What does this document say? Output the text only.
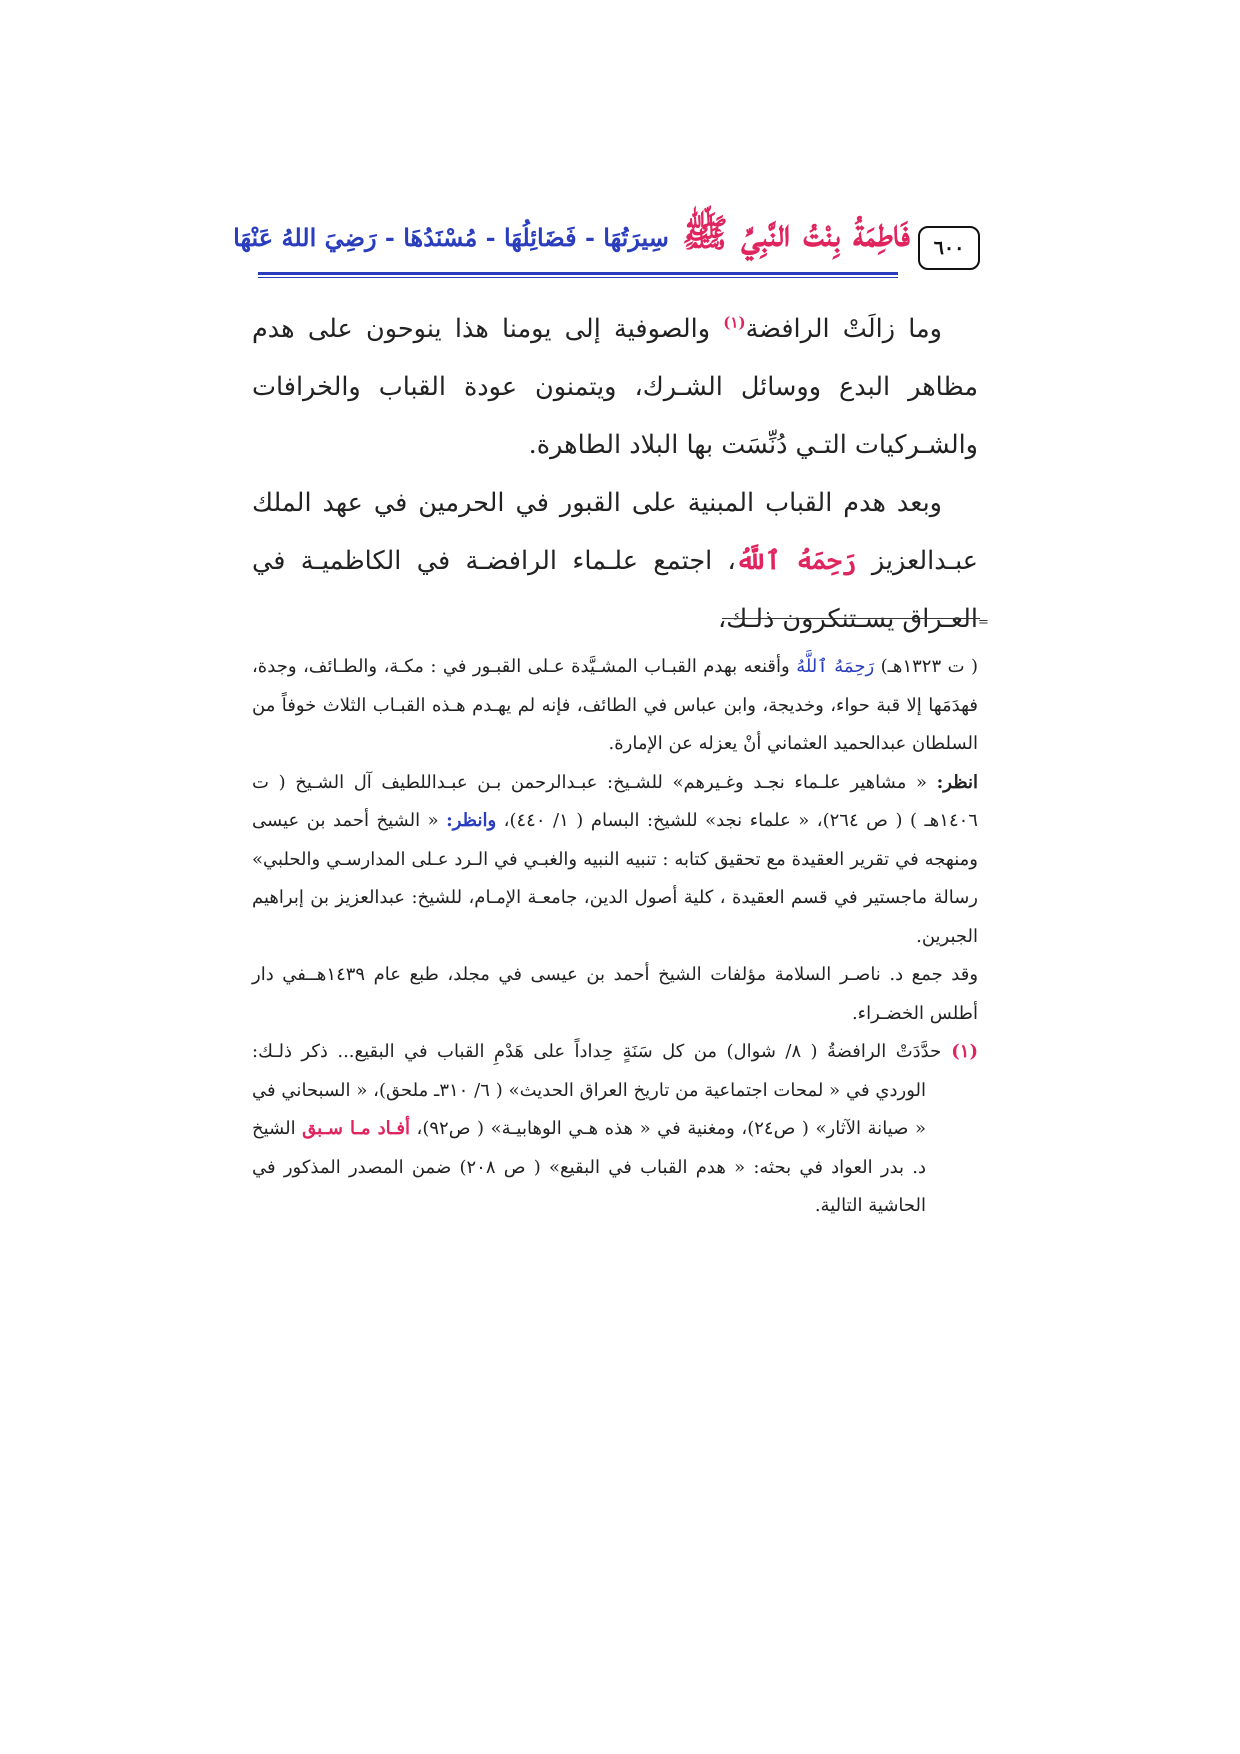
فَاطِمَةُ بِنْتُ النَّبِيِّ ﷺ سِيرَتُهَا - فَضَائِلُهَا - مُسْنَدُهَا - رَضِيَ اللهُ عَنْهَا	٦٠٠

وما زالَتْ الرافضة$^{(١)}$ والصوفية إلى يومنا هذا ينوحون على هدم مظاهر البدع ووسائل الشـرك، ويتمنون عودة القباب والخرافات والشـركيات التـي دُنِّسَت بها البلاد الطاهرة.

وبعد هدم القباب المبنية على القبور في الحرمين في عهد الملك عبـدالعزيز رَحِمَهُ ٱللَّهُ، اجتمع علـماء الرافضـة في الكاظميـة في العـراق يسـتنكرون ذلـك، =

( ت ١٣٢٣هـ) رَحِمَهُ ٱللَّهُ وأقنعه بهدم القبـاب المشـيَّدة عـلى القبـور في : مكـة، والطـائف، وجدة، فهدَمَها إلا قبة حواء، وخديجة، وابن عباس في الطائف، فإنه لم يهـدم هـذه القبـاب الثلاث خوفاً من السلطان عبدالحميد العثماني أنْ يعزله عن الإمارة.

انظر: « مشاهير علـماء نجـد وغـيرهم» للشـيخ: عبـدالرحمن بـن عبـداللطيف آل الشـيخ ( ت ١٤٠٦هـ ) ( ص ٢٦٤)، « علماء نجد» للشيخ: البسام ( ١/ ٤٤٠)، وانظر: « الشيخ أحمد بن عيسى ومنهجه في تقرير العقيدة مع تحقيق كتابه : تنبيه النبيه والغبـي في الـرد عـلى المدارسـي والحلبي» رسالة ماجستير في قسم العقيدة ، كلية أصول الدين، جامعـة الإمـام، للشيخ: عبدالعزيز بن إبراهيم الجبرين.

وقد جمع د. ناصـر السلامة مؤلفات الشيخ أحمد بن عيسى في مجلد، طبع عام ١٤٣٩هــفي دار أطلس الخضـراء.

(١)حدَّدَتْ الرافضةُ ( ٨/ شوال) من كل سَنَةٍ حِداداً على هَدْمِ القباب في البقيع... ذكر ذلـك: الوردي في « لمحات اجتماعية من تاريخ العراق الحديث» ( ٦/ ٣١٠ـ ملحق)، « السبحاني في « صيانة الآثار» ( ص٢٤)، ومغنية في « هذه هـي الوهابيـة» ( ص٩٢)، أفـاد مـا سـبق الشيخ د. بدر العواد في بحثه: « هدم القباب في البقيع» ( ص ٢٠٨) ضمن المصدر المذكور في الحاشية التالية.
